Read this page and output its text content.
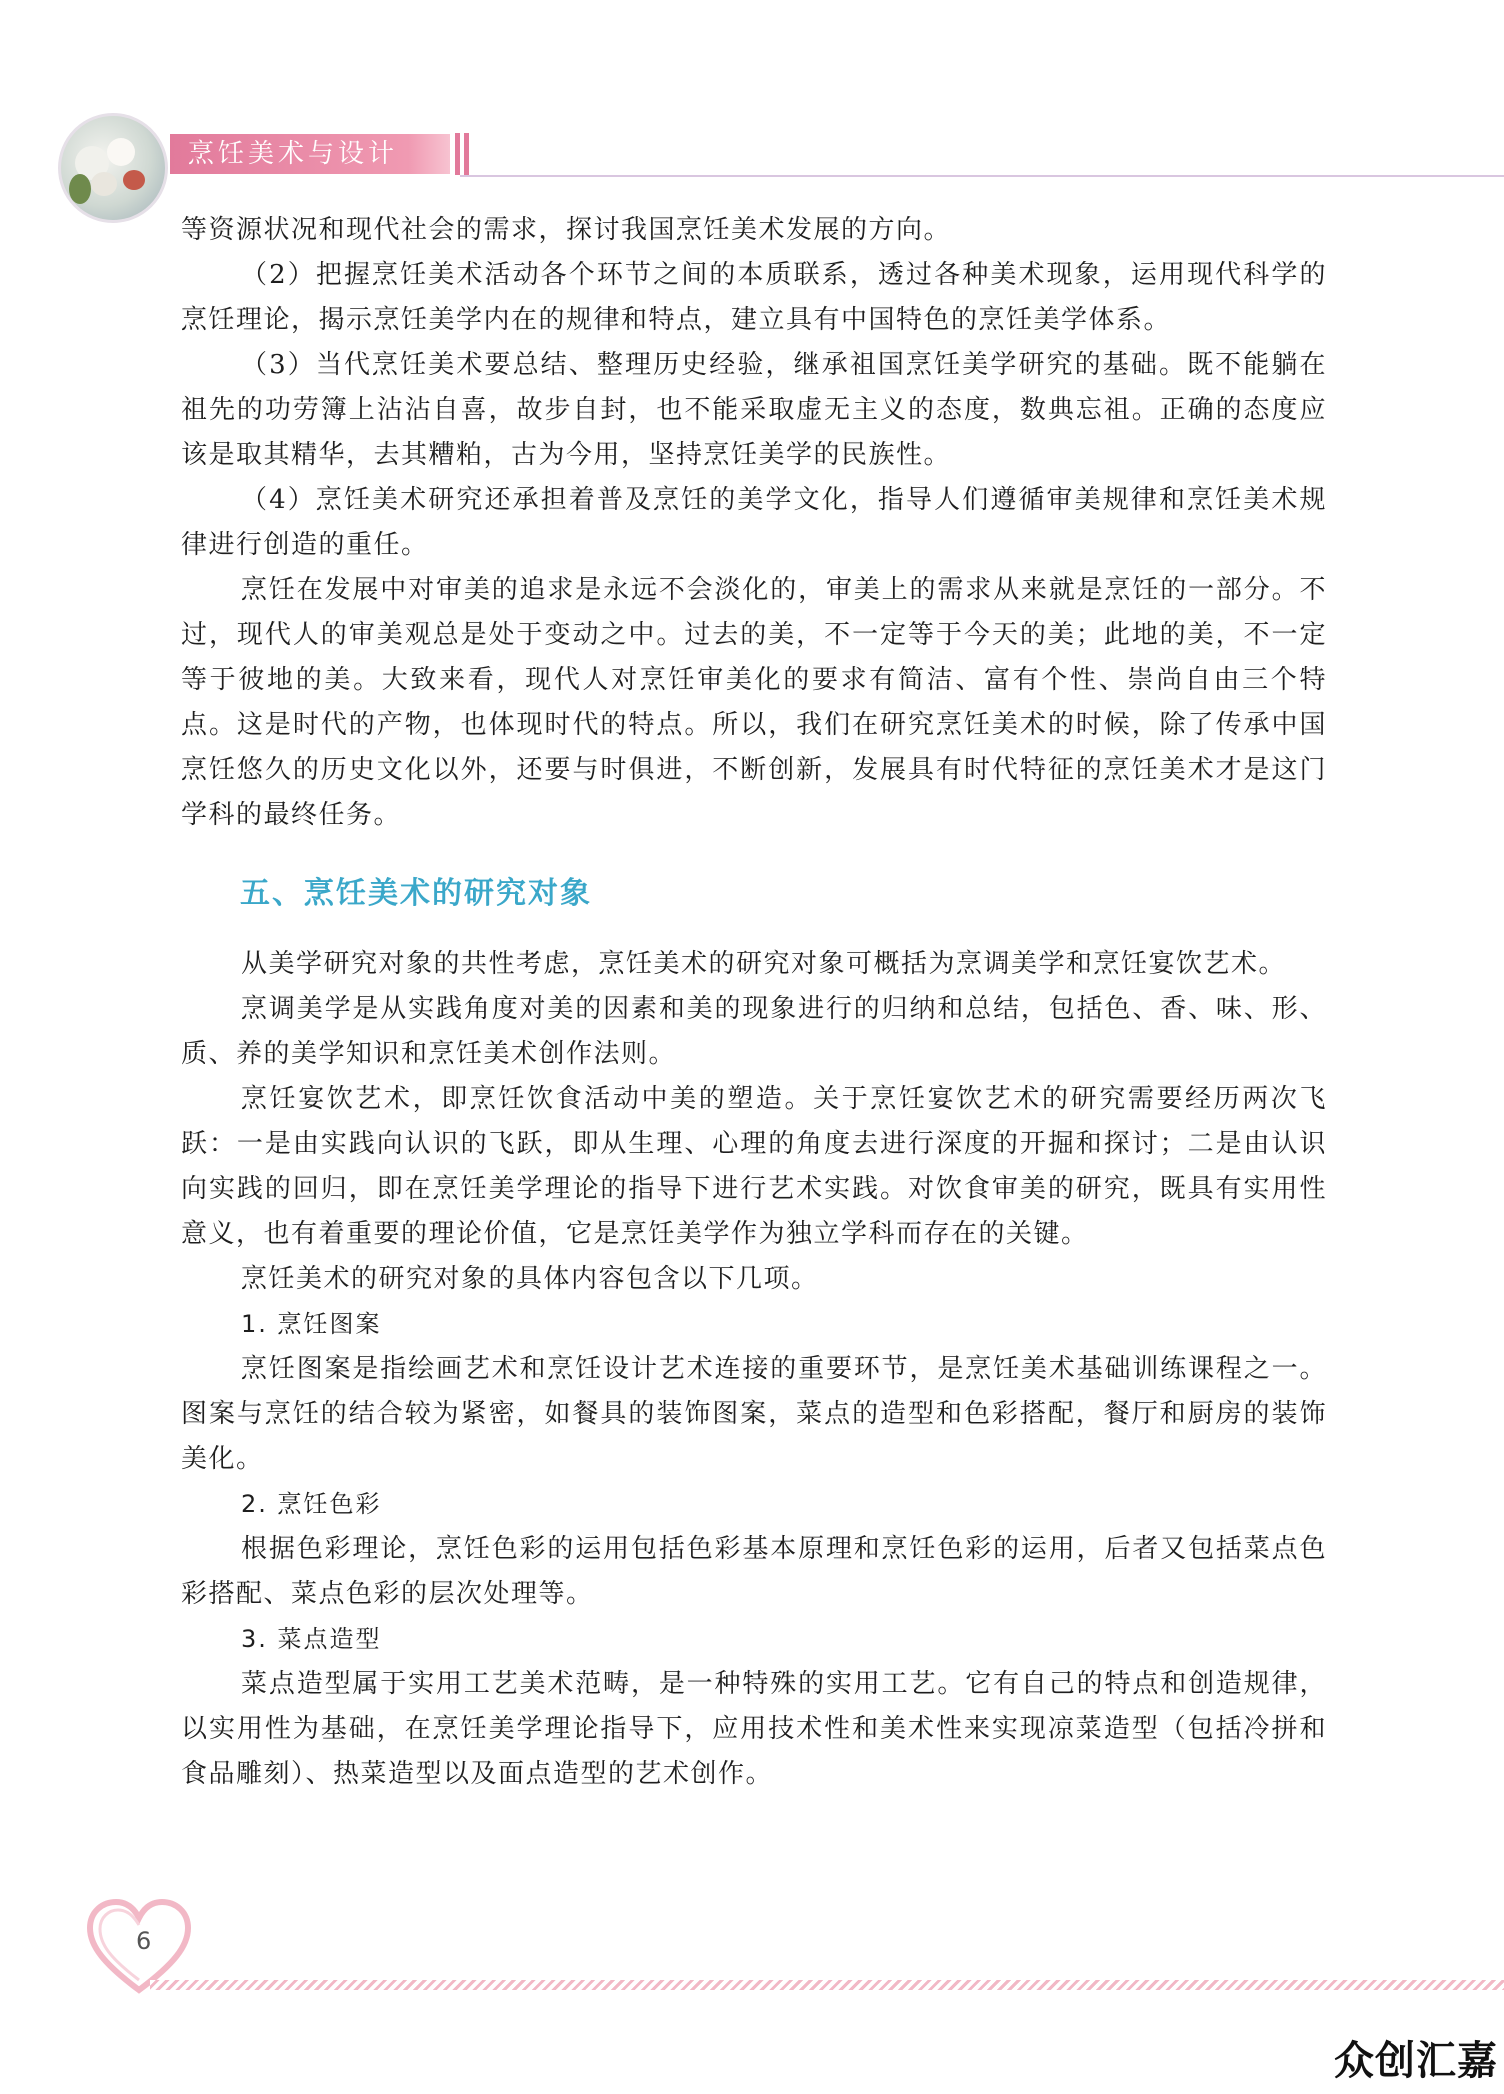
烹饪美术与设计

等资源状况和现代社会的需求，探讨我国烹饪美术发展的方向。

（2）把握烹饪美术活动各个环节之间的本质联系，透过各种美术现象，运用现代科学的烹饪理论，揭示烹饪美学内在的规律和特点，建立具有中国特色的烹饪美学体系。

（3）当代烹饪美术要总结、整理历史经验，继承祖国烹饪美学研究的基础。既不能躺在祖先的功劳簿上沾沾自喜，故步自封，也不能采取虚无主义的态度，数典忘祖。正确的态度应该是取其精华，去其糟粕，古为今用，坚持烹饪美学的民族性。

（4）烹饪美术研究还承担着普及烹饪的美学文化，指导人们遵循审美规律和烹饪美术规律进行创造的重任。

烹饪在发展中对审美的追求是永远不会淡化的，审美上的需求从来就是烹饪的一部分。不过，现代人的审美观总是处于变动之中。过去的美，不一定等于今天的美；此地的美，不一定等于彼地的美。大致来看，现代人对烹饪审美化的要求有简洁、富有个性、崇尚自由三个特点。这是时代的产物，也体现时代的特点。所以，我们在研究烹饪美术的时候，除了传承中国烹饪悠久的历史文化以外，还要与时俱进，不断创新，发展具有时代特征的烹饪美术才是这门学科的最终任务。

五、烹饪美术的研究对象

从美学研究对象的共性考虑，烹饪美术的研究对象可概括为烹调美学和烹饪宴饮艺术。

烹调美学是从实践角度对美的因素和美的现象进行的归纳和总结，包括色、香、味、形、质、养的美学知识和烹饪美术创作法则。

烹饪宴饮艺术，即烹饪饮食活动中美的塑造。关于烹饪宴饮艺术的研究需要经历两次飞跃：一是由实践向认识的飞跃，即从生理、心理的角度去进行深度的开掘和探讨；二是由认识向实践的回归，即在烹饪美学理论的指导下进行艺术实践。对饮食审美的研究，既具有实用性意义，也有着重要的理论价值，它是烹饪美学作为独立学科而存在的关键。

烹饪美术的研究对象的具体内容包含以下几项。

1. 烹饪图案

烹饪图案是指绘画艺术和烹饪设计艺术连接的重要环节，是烹饪美术基础训练课程之一。图案与烹饪的结合较为紧密，如餐具的装饰图案，菜点的造型和色彩搭配，餐厅和厨房的装饰美化。

2. 烹饪色彩

根据色彩理论，烹饪色彩的运用包括色彩基本原理和烹饪色彩的运用，后者又包括菜点色彩搭配、菜点色彩的层次处理等。

3. 菜点造型

菜点造型属于实用工艺美术范畴，是一种特殊的实用工艺。它有自己的特点和创造规律，以实用性为基础，在烹饪美学理论指导下，应用技术性和美术性来实现凉菜造型（包括冷拼和食品雕刻）、热菜造型以及面点造型的艺术创作。

6
众创汇嘉
